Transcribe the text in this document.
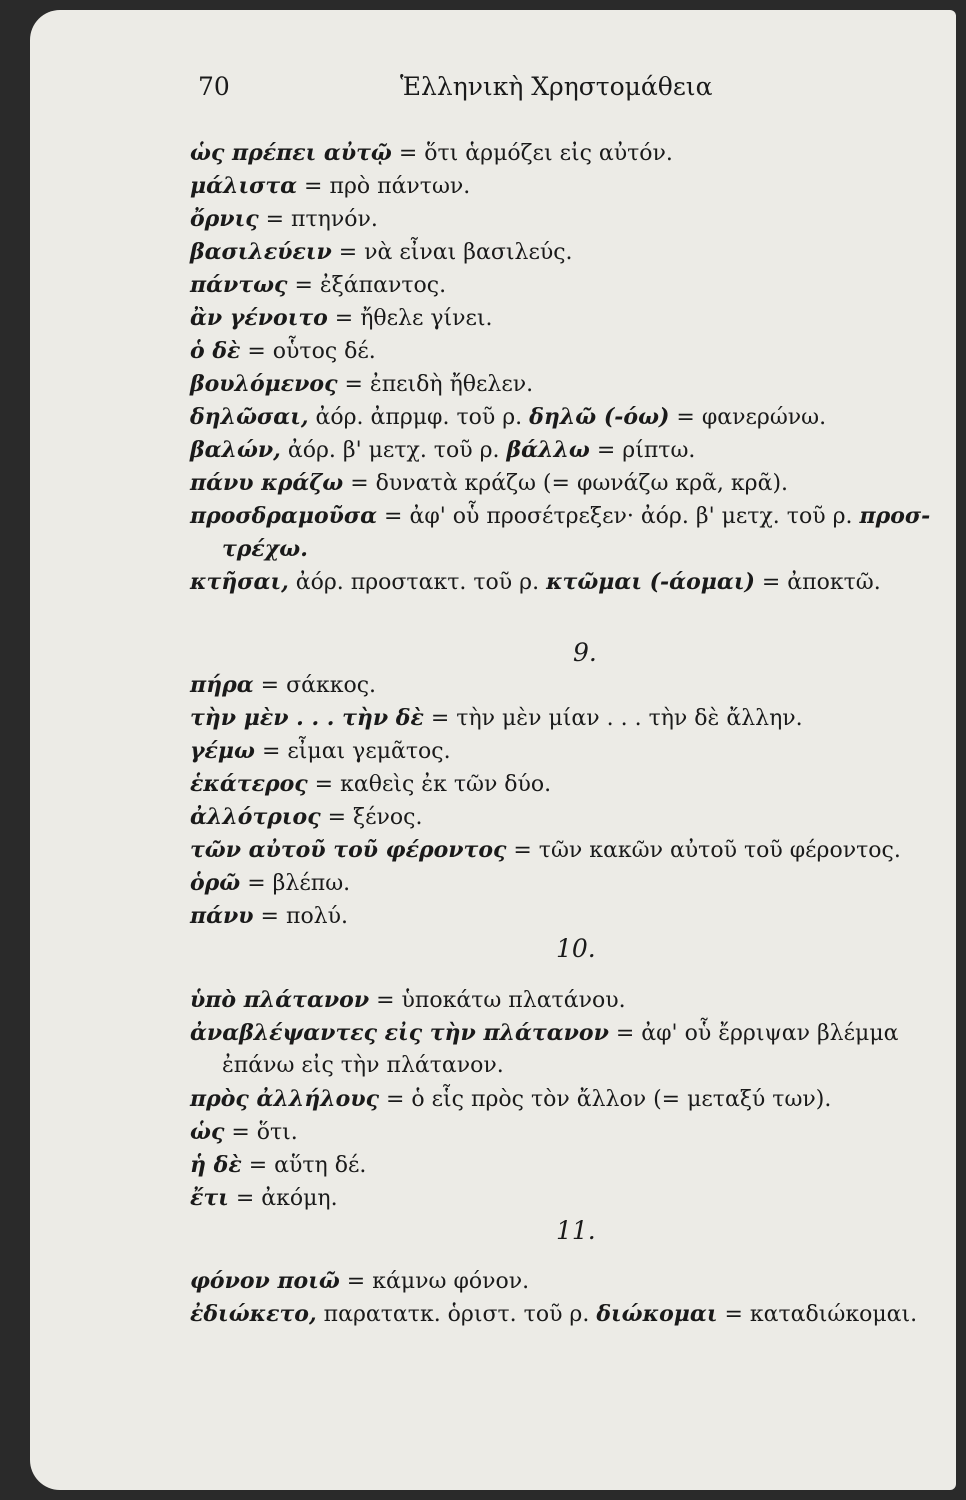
70	Ἑλληνικὴ Χρηστομάθεια
ὡς πρέπει αὐτῷ = ὅτι ἁρμόζει εἰς αὐτόν.
μάλιστα = πρὸ πάντων.
ὄρνις = πτηνόν.
βασιλεύειν = νὰ εἶναι βασιλεύς.
πάντως = ἐξάπαντος.
ἂν γένοιτο = ἤθελε γίνει.
ὁ δὲ = οὗτος δέ.
βουλόμενος = ἐπειδὴ ἤθελεν.
δηλῶσαι, ἀόρ. ἀπρμφ. τοῦ ρ. δηλῶ (-όω) = φανερώνω.
βαλών, ἀόρ. β' μετχ. τοῦ ρ. βάλλω = ρίπτω.
πάνυ κράζω = δυνατὰ κράζω (= φωνάζω κρᾶ, κρᾶ).
προσδραμοῦσα = ἀφ' οὗ προσέτρεξεν· ἀόρ. β' μετχ. τοῦ ρ. προσ-
τρέχω.
κτῆσαι, ἀόρ. προστακτ. τοῦ ρ. κτῶμαι (-άομαι) = ἀποκτῶ.
9.
πήρα = σάκκος.
τὴν μὲν . . . τὴν δὲ = τὴν μὲν μίαν . . . τὴν δὲ ἄλλην.
γέμω = εἶμαι γεμᾶτος.
ἑκάτερος = καθεὶς ἐκ τῶν δύο.
ἀλλότριος = ξένος.
τῶν αὐτοῦ τοῦ φέροντος = τῶν κακῶν αὐτοῦ τοῦ φέροντος.
ὁρῶ = βλέπω.
πάνυ = πολύ.
10.
ὑπὸ πλάτανον = ὑποκάτω πλατάνου.
ἀναβλέψαντες εἰς τὴν πλάτανον = ἀφ' οὗ ἔρριψαν βλέμμα
ἐπάνω εἰς τὴν πλάτανον.
πρὸς ἀλλήλους = ὁ εἷς πρὸς τὸν ἄλλον (= μεταξύ των).
ὡς = ὅτι.
ἡ δὲ = αὕτη δέ.
ἔτι = ἀκόμη.
11.
φόνον ποιῶ = κάμνω φόνον.
ἐδιώκετο, παρατατκ. ὁριστ. τοῦ ρ. διώκομαι = καταδιώκομαι.
